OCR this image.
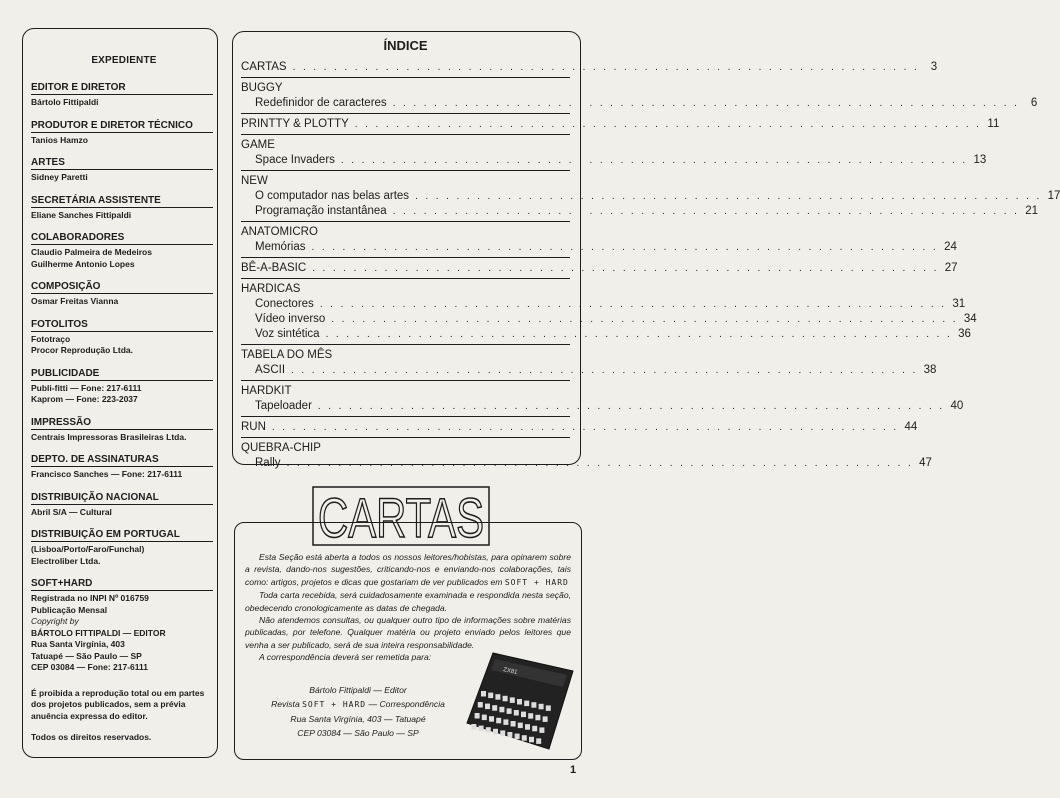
EXPEDIENTE
EDITOR E DIRETOR
Bártolo Fittipaldi
PRODUTOR E DIRETOR TÉCNICO
Tanios Hamzo
ARTES
Sidney Paretti
SECRETÁRIA ASSISTENTE
Eliane Sanches Fittipaldi
COLABORADORES
Claudio Palmeira de Medeiros
Guilherme Antonio Lopes
COMPOSIÇÃO
Osmar Freitas Vianna
FOTOLITOS
Fototraço
Procor Reprodução Ltda.
PUBLICIDADE
Publi-fitti — Fone: 217-6111
Kaprom — Fone: 223-2037
IMPRESSÃO
Centrais Impressoras Brasileiras Ltda.
DEPTO. DE ASSINATURAS
Francisco Sanches — Fone: 217-6111
DISTRIBUIÇÃO NACIONAL
Abril S/A — Cultural
DISTRIBUIÇÃO EM PORTUGAL
(Lisboa/Porto/Faro/Funchal)
Electroliber Ltda.
SOFT+HARD
Registrada no INPI Nº 016759
Publicação Mensal
Copyright by
BÁRTOLO FITTIPALDI — EDITOR
Rua Santa Virgínia, 403
Tatuapé — São Paulo — SP
CEP 03084 — Fone: 217-6111
É proibida a reprodução total ou em partes dos projetos publicados, sem a prévia anuência expressa do editor.
Todos os direitos reservados.
ÍNDICE
CARTAS . . .	3
BUGGY
Redefinidor de caracteres . . .	6
PRINTTY & PLOTTY . . .	11
GAME
Space Invaders . . .	13
NEW
O computador nas belas artes . . .	17
Programação instantânea . . .	21
ANATOMICRO
Memórias . . .	24
BÊ-A-BASIC . . .	27
HARDICAS
Conectores . . .	31
Vídeo inverso . . .	34
Voz sintética . . .	36
TABELA DO MÊS
ASCII . . .	38
HARDKIT
Tapeloader . . .	40
RUN . . .	44
QUEBRA-CHIP
Rally . . .	47
CARTAS

Esta Seção está aberta a todos os nossos leitores/hobistas, para opinarem sobre a revista, dando-nos sugestões, criticando-nos e enviando-nos colaborações, tais como: artigos, projetos e dicas que gostariam de ver publicados em SOFT + HARD

Toda carta recebida, será cuidadosamente examinada e respondida nesta seção, obedecendo cronologicamente as datas de chegada.

Não atendemos consultas, ou qualquer outro tipo de informações sobre matérias publicadas, por telefone. Qualquer matéria ou projeto enviado pelos leitores que venha a ser publicado, será de sua inteira responsabilidade.

A correspondência deverá ser remetida para:

Bártolo Fittipaldi — Editor
Revista SOFT + HARD — Correspondência
Rua Santa Virgínia, 403 — Tatuapé
CEP 03084 — São Paulo — SP
ZX81
1
